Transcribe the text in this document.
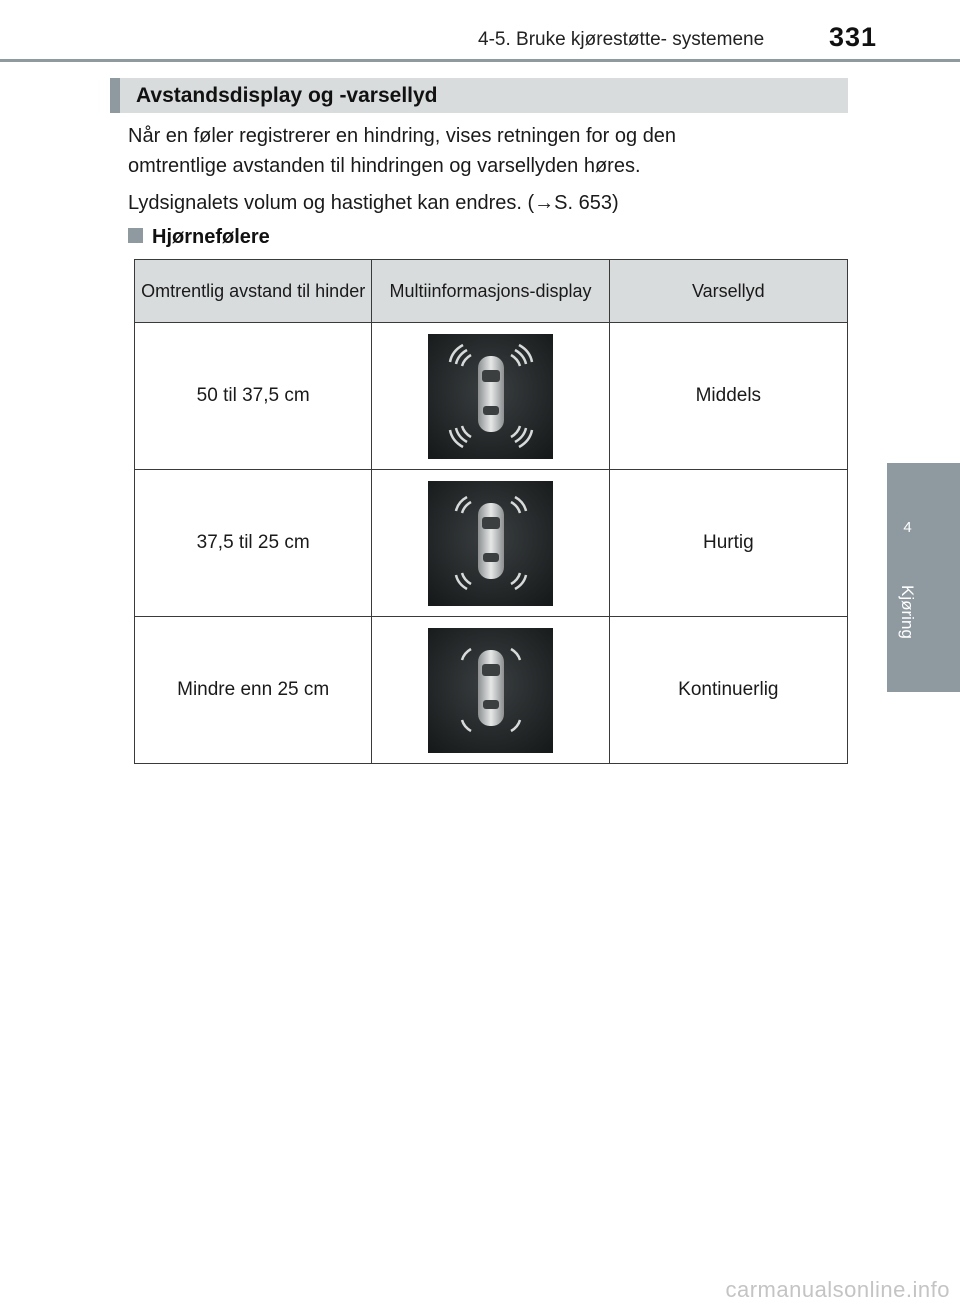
4-5. Bruke kjørestøtte- systemene 331
4
Kjøring
Avstandsdisplay og -varsellyd
Når en føler registrerer en hindring, vises retningen for og den
omtrentlige avstanden til hindringen og varsellyden høres.
Lydsignalets volum og hastighet kan endres. (→S. 653)
Hjørnefølere
Omtrentlig avstand til hinder	Multiinformasjons-display	Varsellyd
50 til 37,5 cm		Middels
37,5 til 25 cm		Hurtig
Mindre enn 25 cm		Kontinuerlig
carmanualsonline.info
